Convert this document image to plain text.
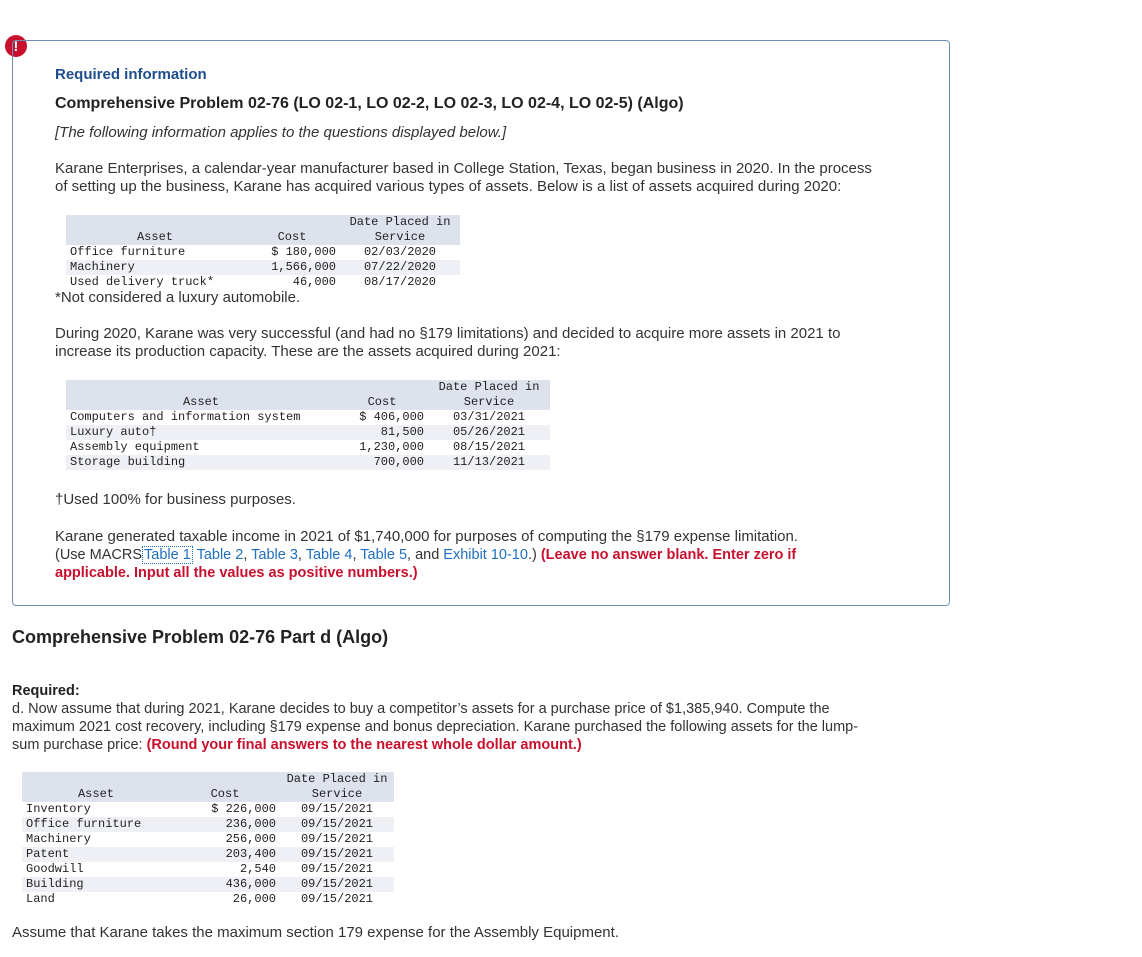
!

Required information

Comprehensive Problem 02-76 (LO 02-1, LO 02-2, LO 02-3, LO 02-4, LO 02-5) (Algo)

[The following information applies to the questions displayed below.]

Karane Enterprises, a calendar-year manufacturer based in College Station, Texas, began business in 2020. In the process
of setting up the business, Karane has acquired various types of assets. Below is a list of assets acquired during 2020:
		Date Placed in
Asset	Cost	Service
Office furniture	$ 180,000	02/03/2020
Machinery	1,566,000	07/22/2020
Used delivery truck*	46,000	08/17/2020

*Not considered a luxury automobile.

During 2020, Karane was very successful (and had no §179 limitations) and decided to acquire more assets in 2021 to
increase its production capacity. These are the assets acquired during 2021:
		Date Placed in
Asset	Cost	Service
Computers and information system	$ 406,000	03/31/2021
Luxury auto†	81,500	05/26/2021
Assembly equipment	1,230,000	08/15/2021
Storage building	700,000	11/13/2021

†Used 100% for business purposes.

Karane generated taxable income in 2021 of $1,740,000 for purposes of computing the §179 expense limitation.

(Use MACRS Table 1 Table 2, Table 3, Table 4, Table 5, and Exhibit 10-10.) (Leave no answer blank. Enter zero if
applicable. Input all the values as positive numbers.)

Comprehensive Problem 02-76 Part d (Algo)

Required:
d. Now assume that during 2021, Karane decides to buy a competitor’s assets for a purchase price of $1,385,940. Compute the
maximum 2021 cost recovery, including §179 expense and bonus depreciation. Karane purchased the following assets for the lump-
sum purchase price: (Round your final answers to the nearest whole dollar amount.)
		Date Placed in
Asset	Cost	Service
Inventory	$ 226,000	09/15/2021
Office furniture	236,000	09/15/2021
Machinery	256,000	09/15/2021
Patent	203,400	09/15/2021
Goodwill	2,540	09/15/2021
Building	436,000	09/15/2021
Land	26,000	09/15/2021

Assume that Karane takes the maximum section 179 expense for the Assembly Equipment.
